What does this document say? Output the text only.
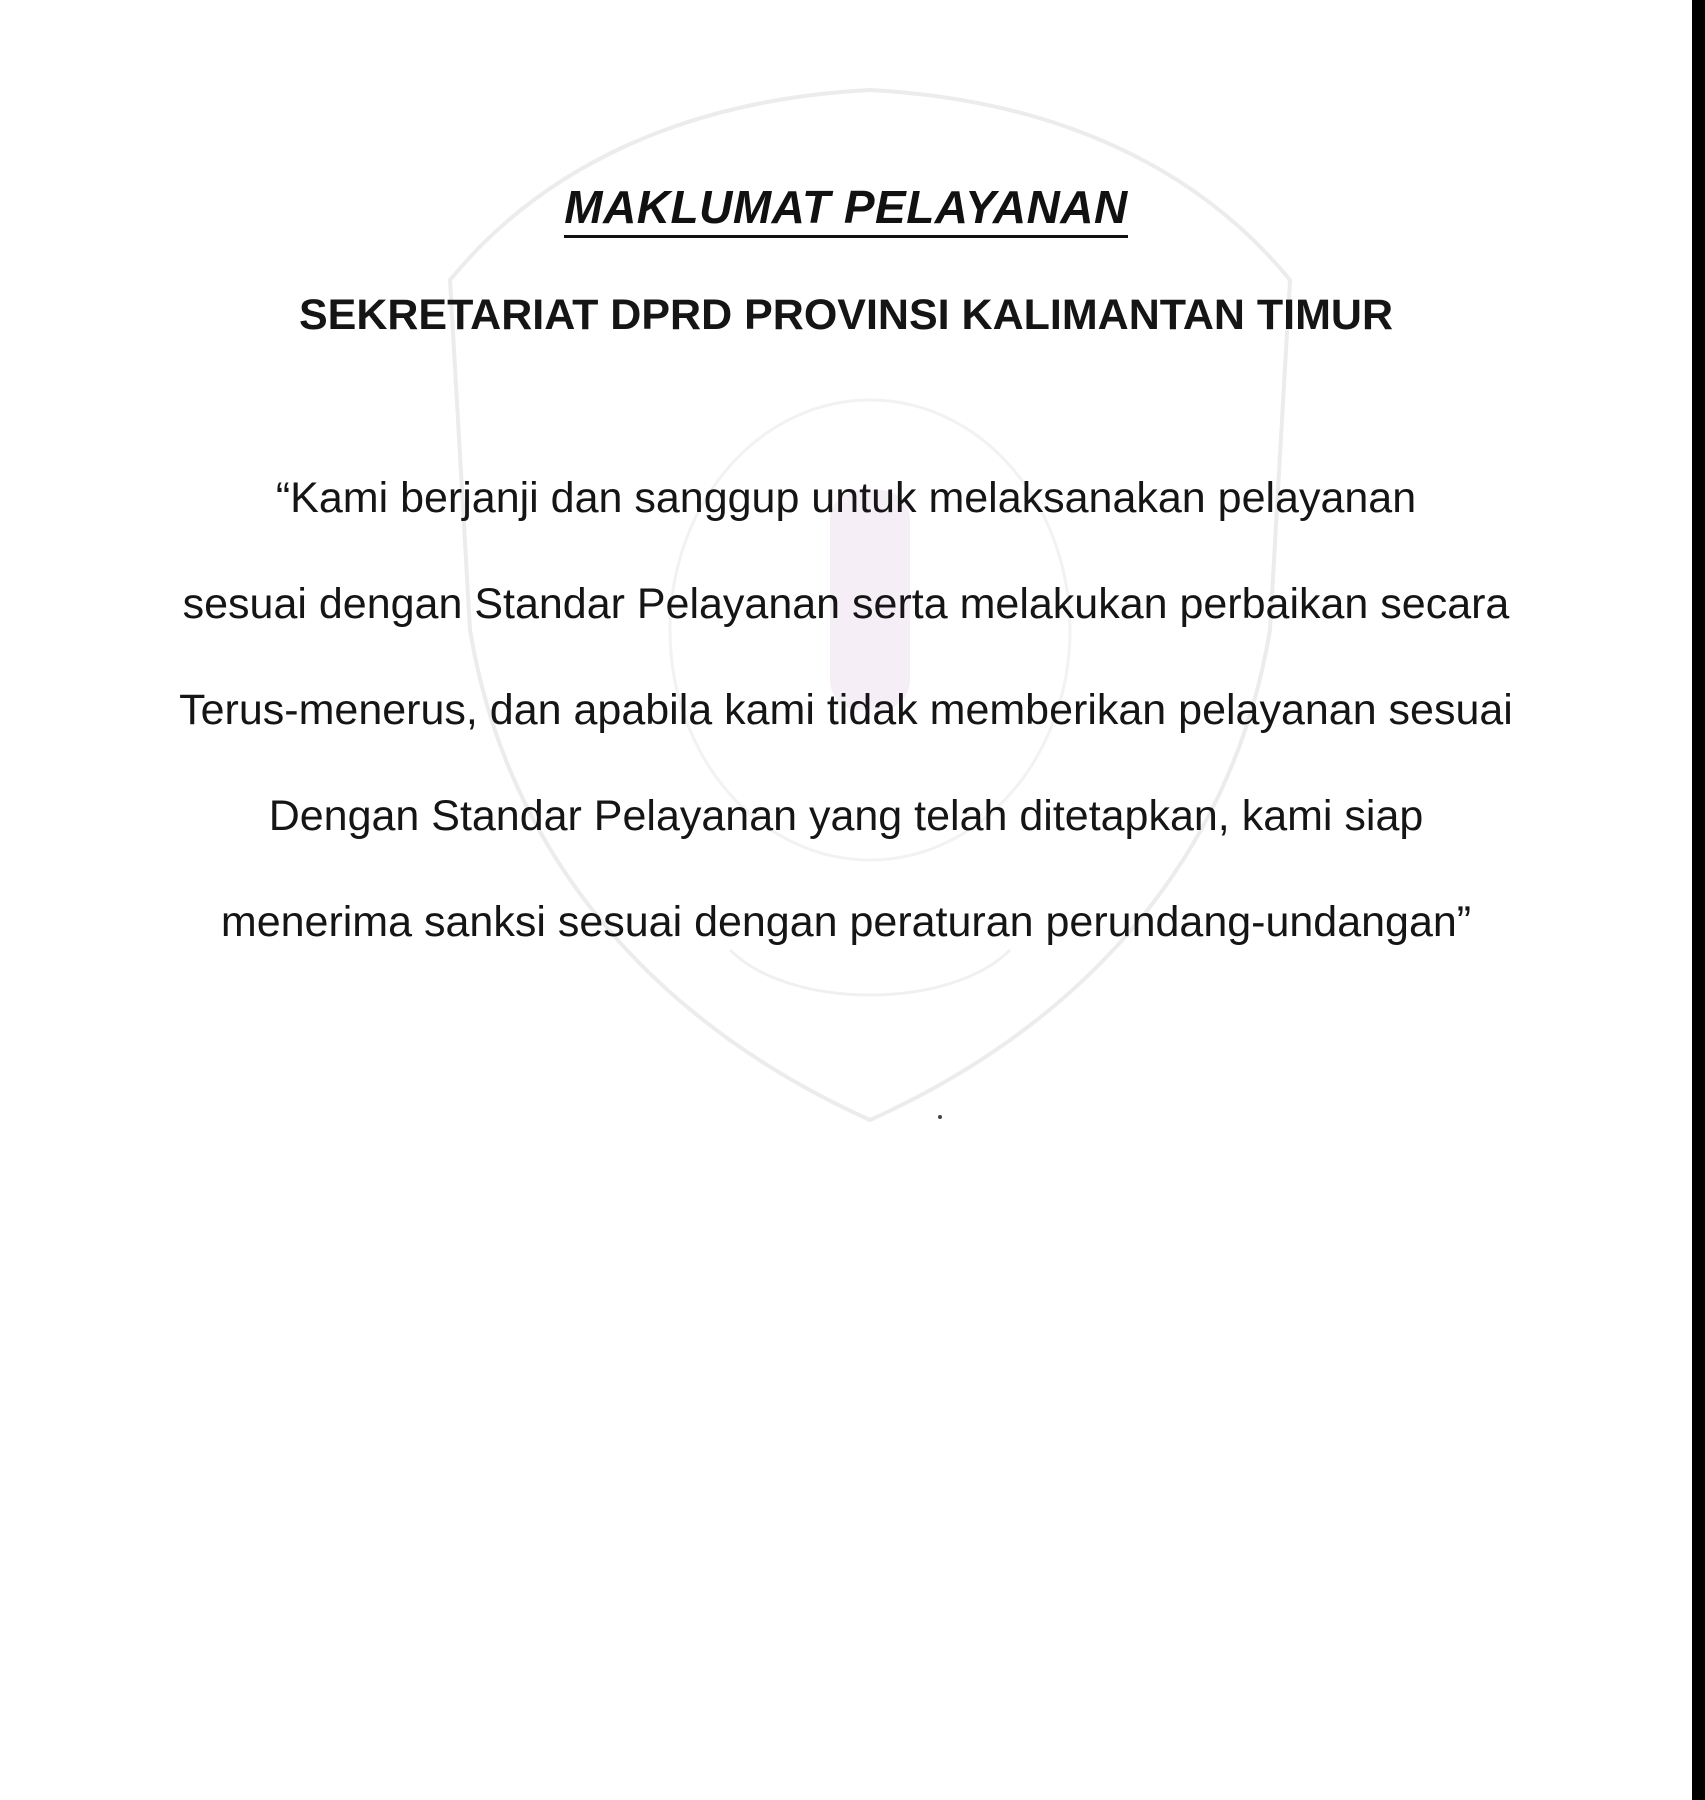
MAKLUMAT PELAYANAN
SEKRETARIAT DPRD PROVINSI KALIMANTAN TIMUR

“Kami berjanji dan sanggup untuk melaksanakan pelayanan
sesuai dengan Standar Pelayanan serta melakukan perbaikan secara
Terus-menerus, dan apabila kami tidak memberikan pelayanan sesuai
Dengan Standar Pelayanan yang telah ditetapkan, kami siap
menerima sanksi sesuai dengan peraturan perundang-undangan”
